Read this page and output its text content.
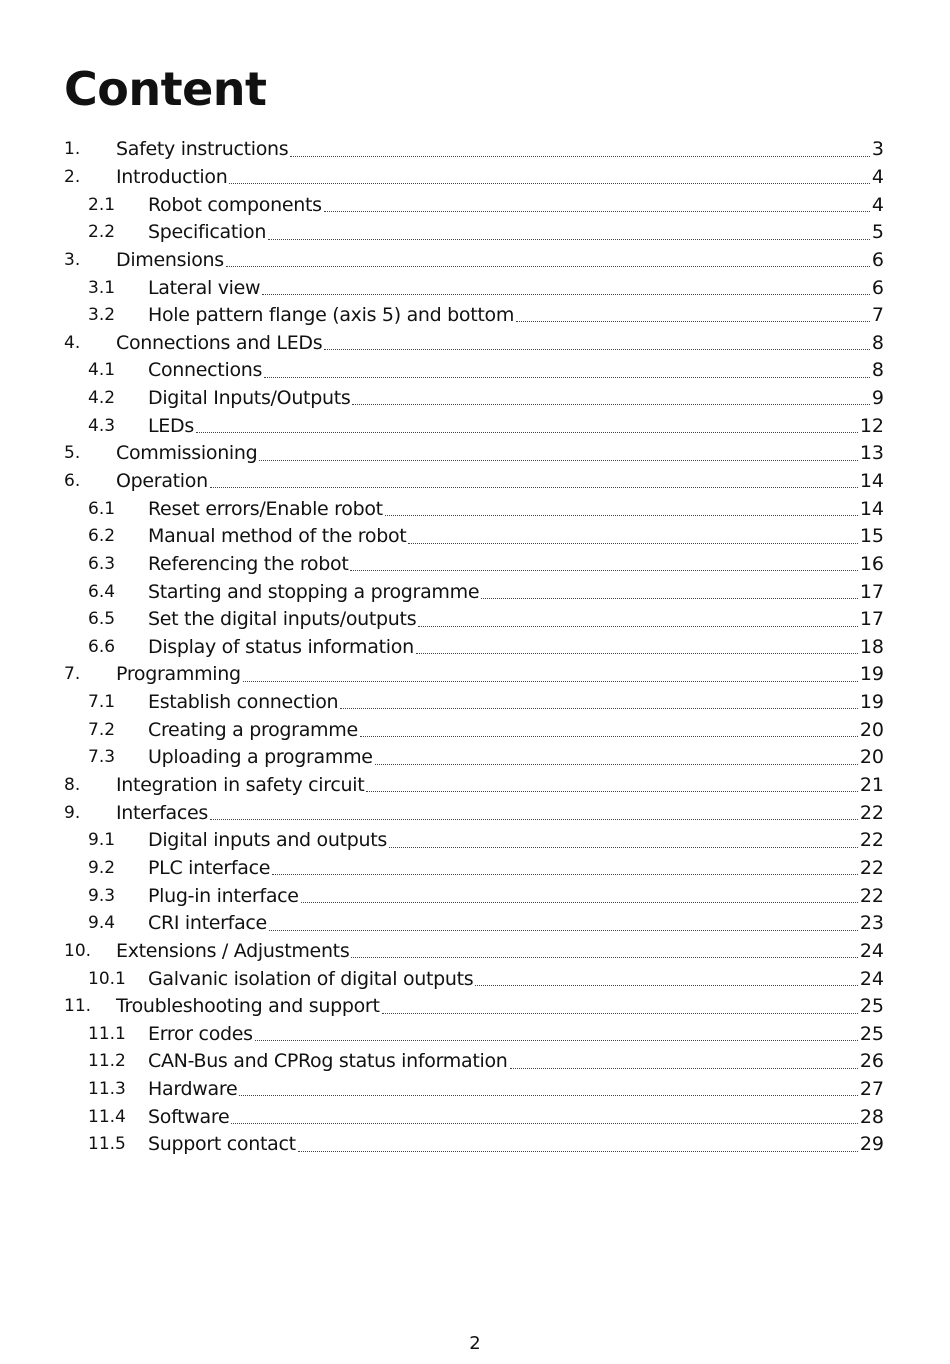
Content
1.	Safety instructions	3
2.	Introduction	4
2.1	Robot components	4
2.2	Specification	5
3.	Dimensions	6
3.1	Lateral view	6
3.2	Hole pattern flange (axis 5) and bottom	7
4.	Connections and LEDs	8
4.1	Connections	8
4.2	Digital Inputs/Outputs	9
4.3	LEDs	12
5.	Commissioning	13
6.	Operation	14
6.1	Reset errors/Enable robot	14
6.2	Manual method of the robot	15
6.3	Referencing the robot	16
6.4	Starting and stopping a programme	17
6.5	Set the digital inputs/outputs	17
6.6	Display of status information	18
7.	Programming	19
7.1	Establish connection	19
7.2	Creating a programme	20
7.3	Uploading a programme	20
8.	Integration in safety circuit	21
9.	Interfaces	22
9.1	Digital inputs and outputs	22
9.2	PLC interface	22
9.3	Plug-in interface	22
9.4	CRI interface	23
10.	Extensions / Adjustments	24
10.1	Galvanic isolation of digital outputs	24
11.	Troubleshooting and support	25
11.1	Error codes	25
11.2	CAN-Bus and CPRog status information	26
11.3	Hardware	27
11.4	Software	28
11.5	Support contact	29
2
